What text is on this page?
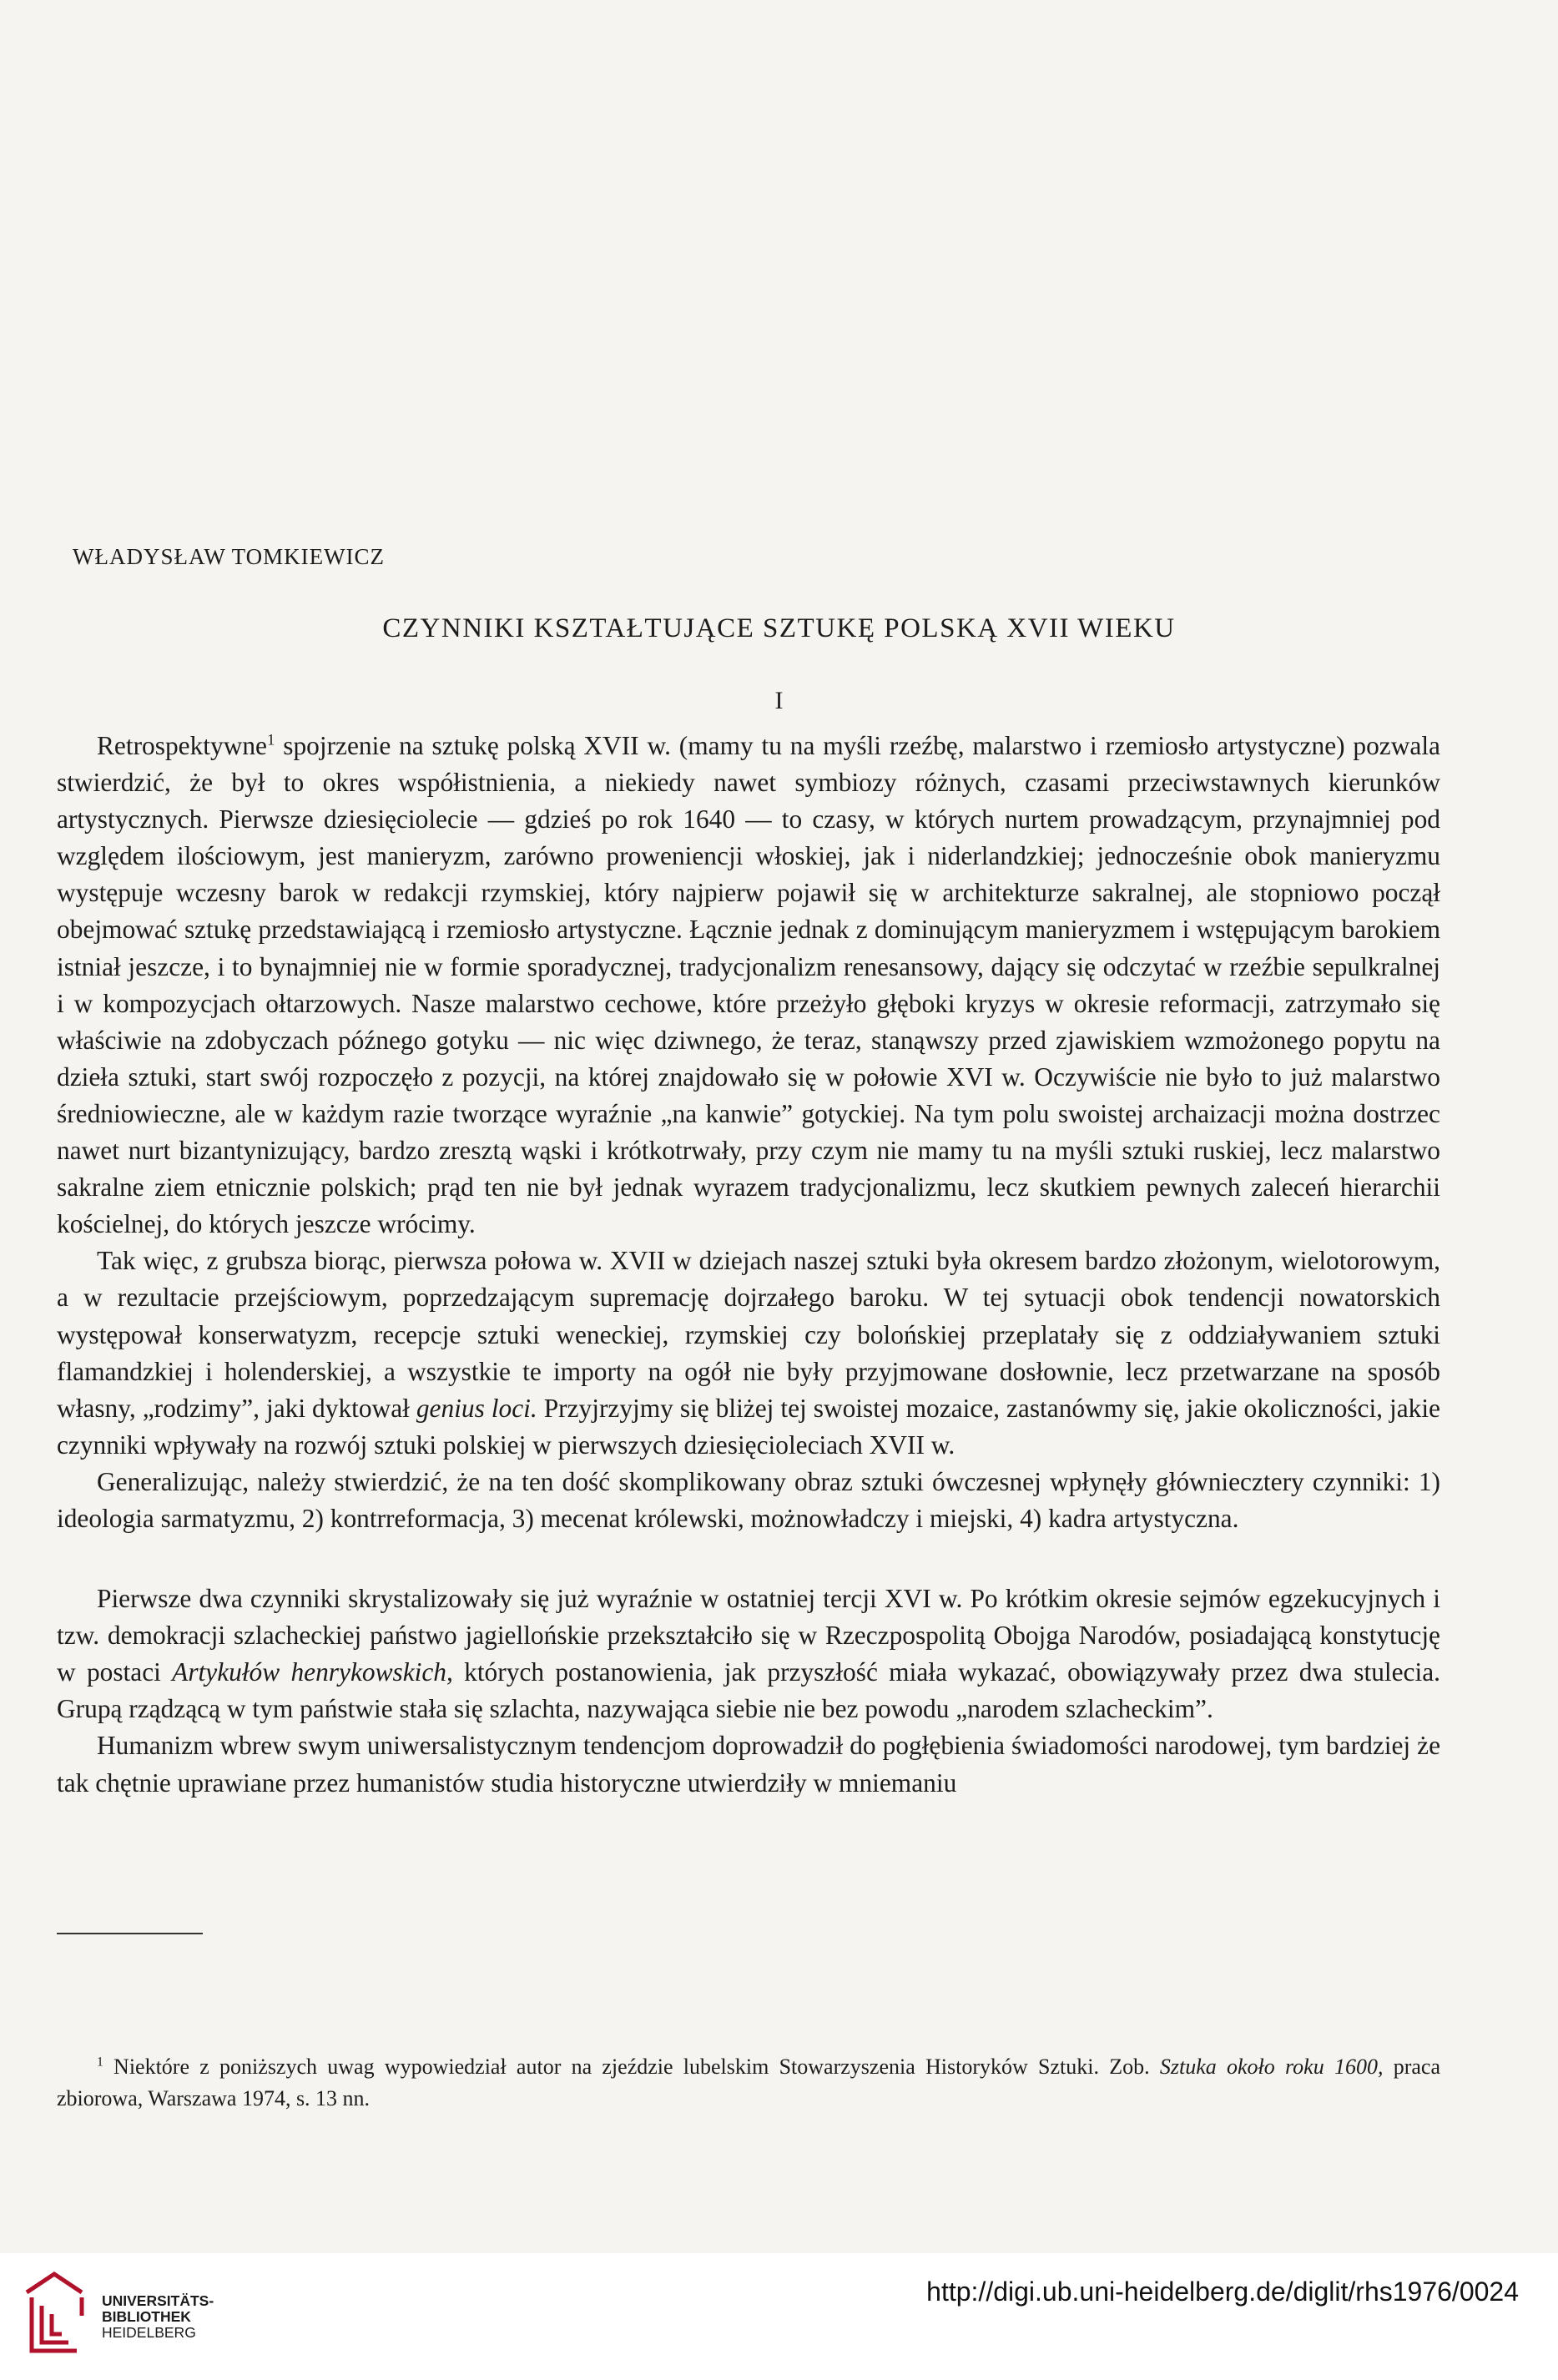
WŁADYSŁAW TOMKIEWICZ
CZYNNIKI KSZTAŁTUJĄCE SZTUKĘ POLSKĄ XVII WIEKU
I

Retrospektywne$^1$ spojrzenie na sztukę polską XVII w. (mamy tu na myśli rzeźbę, malarstwo i rzemiosło artystyczne) pozwala stwierdzić, że był to okres współistnienia, a niekiedy nawet symbiozy różnych, czasami przeciwstawnych kierunków artystycznych. Pierwsze dziesięciolecie — gdzieś po rok 1640 — to czasy, w których nurtem prowadzącym, przynajmniej pod względem ilościowym, jest manieryzm, zarówno proweniencji włoskiej, jak i niderlandzkiej; jednocześnie obok manieryzmu występuje wczesny barok w redakcji rzymskiej, który najpierw pojawił się w architekturze sakralnej, ale stopniowo począł obejmować sztukę przedstawiającą i rzemiosło artystyczne. Łącznie jednak z dominującym manieryzmem i wstępującym barokiem istniał jeszcze, i to bynajmniej nie w formie sporadycznej, tradycjonalizm renesansowy, dający się odczytać w rzeźbie sepulkralnej i w kompozycjach ołtarzowych. Nasze malarstwo cechowe, które przeżyło głęboki kryzys w okresie reformacji, zatrzymało się właściwie na zdobyczach późnego gotyku — nic więc dziwnego, że teraz, stanąwszy przed zjawiskiem wzmożonego popytu na dzieła sztuki, start swój rozpoczęło z pozycji, na której znajdowało się w połowie XVI w. Oczywiście nie było to już malarstwo średniowieczne, ale w każdym razie tworzące wyraźnie „na kanwie” gotyckiej. Na tym polu swoistej archaizacji można dostrzec nawet nurt bizantynizujący, bardzo zresztą wąski i krótkotrwały, przy czym nie mamy tu na myśli sztuki ruskiej, lecz malarstwo sakralne ziem etnicznie polskich; prąd ten nie był jednak wyrazem tradycjonalizmu, lecz skutkiem pewnych zaleceń hierarchii kościelnej, do których jeszcze wrócimy.

Tak więc, z grubsza biorąc, pierwsza połowa w. XVII w dziejach naszej sztuki była okresem bardzo złożonym, wielotorowym, a w rezultacie przejściowym, poprzedzającym supremację dojrzałego baroku. W tej sytuacji obok tendencji nowatorskich występował konserwatyzm, recepcje sztuki weneckiej, rzymskiej czy bolońskiej przeplatały się z oddziaływaniem sztuki flamandzkiej i holenderskiej, a wszystkie te importy na ogół nie były przyjmowane dosłownie, lecz przetwarzane na sposób własny, „rodzimy”, jaki dyktował genius loci. Przyjrzyjmy się bliżej tej swoistej mozaice, zastanówmy się, jakie okoliczności, jakie czynniki wpływały na rozwój sztuki polskiej w pierwszych dziesięcioleciach XVII w.

Generalizując, należy stwierdzić, że na ten dość skomplikowany obraz sztuki ówczesnej wpłynęły główniecztery czynniki: 1) ideologia sarmatyzmu, 2) kontrreformacja, 3) mecenat królewski, możnowładczy i miejski, 4) kadra artystyczna.

Pierwsze dwa czynniki skrystalizowały się już wyraźnie w ostatniej tercji XVI w. Po krótkim okresie sejmów egzekucyjnych i tzw. demokracji szlacheckiej państwo jagiellońskie przekształciło się w Rzeczpospolitą Obojga Narodów, posiadającą konstytucję w postaci Artykułów henrykowskich, których postanowienia, jak przyszłość miała wykazać, obowiązywały przez dwa stulecia. Grupą rządzącą w tym państwie stała się szlachta, nazywająca siebie nie bez powodu „narodem szlacheckim”.

Humanizm wbrew swym uniwersalistycznym tendencjom doprowadził do pogłębienia świadomości narodowej, tym bardziej że tak chętnie uprawiane przez humanistów studia historyczne utwierdziły w mniemaniu

$^1$ Niektóre z poniższych uwag wypowiedział autor na zjeździe lubelskim Stowarzyszenia Historyków Sztuki. Zob. Sztuka około roku 1600, praca zbiorowa, Warszawa 1974, s. 13 nn.

UNIVERSITÄTS-
BIBLIOTHEK
HEIDELBERG
http://digi.ub.uni-heidelberg.de/diglit/rhs1976/0024
